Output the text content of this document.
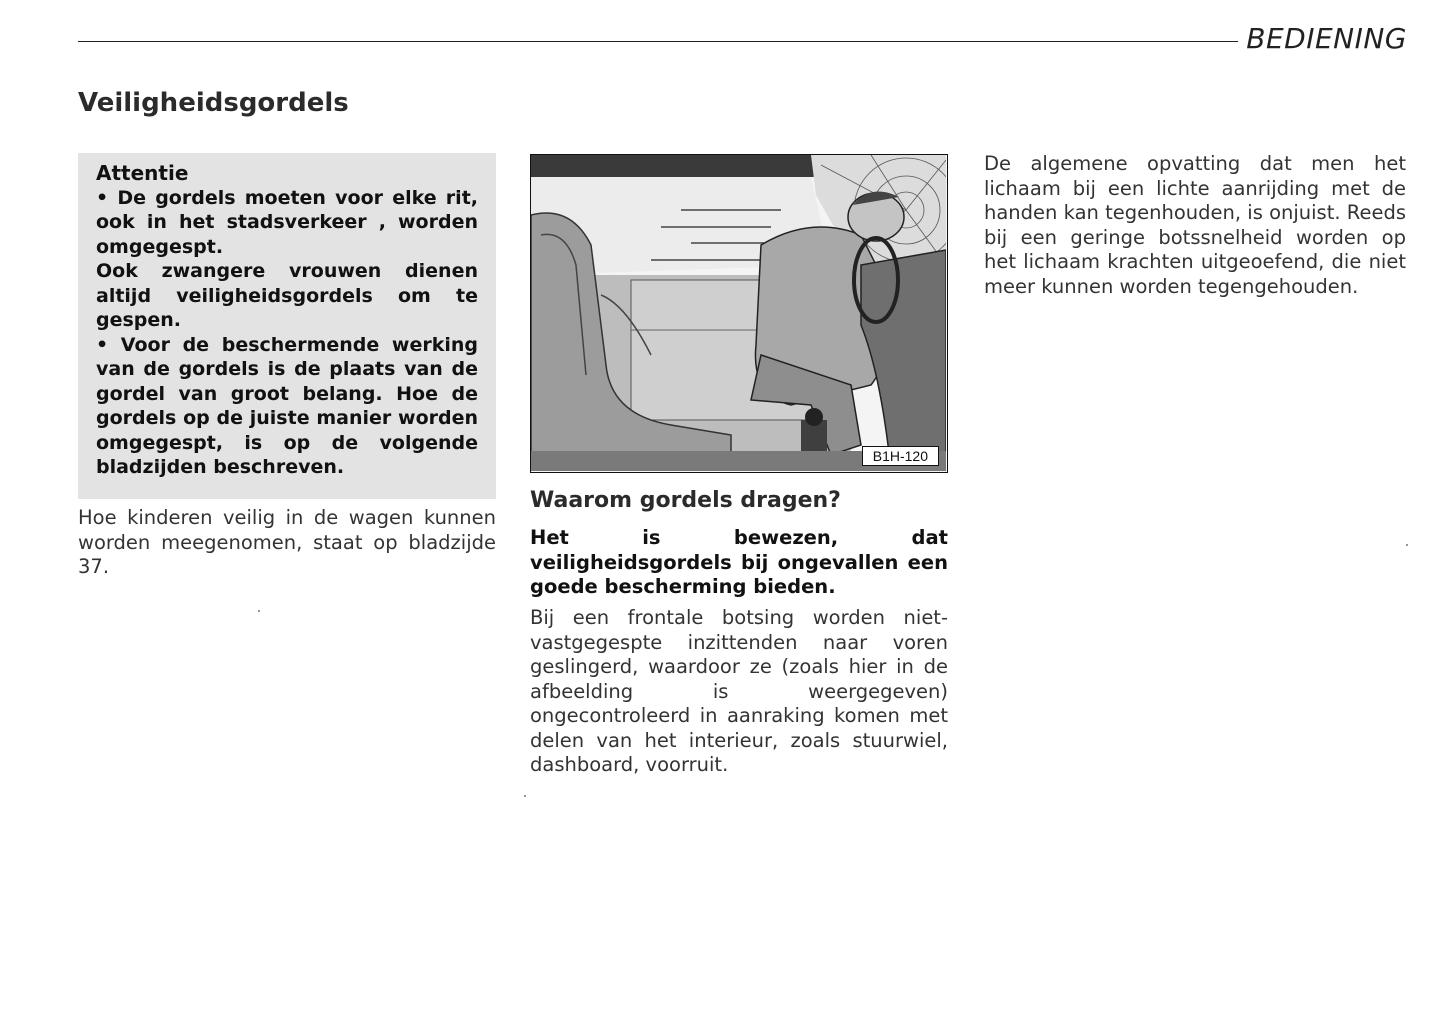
BEDIENING
Veiligheidsgordels
Attentie

• De gordels moeten voor elke rit, ook in het stadsverkeer , worden omgegespt.

Ook zwangere vrouwen dienen altijd veiligheidsgordels om te gespen.

• Voor de beschermende werking van de gordels is de plaats van de gordel van groot belang. Hoe de gordels op de juiste manier worden omgegespt, is op de volgende bladzijden beschreven.

Hoe kinderen veilig in de wagen kunnen worden meegenomen, staat op bladzijde 37.

B1H-120
Waarom gordels dragen?

Het is bewezen, dat veiligheidsgordels bij ongevallen een goede bescherming bieden.

Bij een frontale botsing worden niet-vastgegespte inzittenden naar voren geslingerd, waardoor ze (zoals hier in de afbeelding is weergegeven) ongecontroleerd in aanraking komen met delen van het interieur, zoals stuurwiel, dashboard, voorruit.

De algemene opvatting dat men het lichaam bij een lichte aanrijding met de handen kan tegenhouden, is onjuist. Reeds bij een geringe botssnelheid worden op het lichaam krachten uitgeoefend, die niet meer kunnen worden tegengehouden.
